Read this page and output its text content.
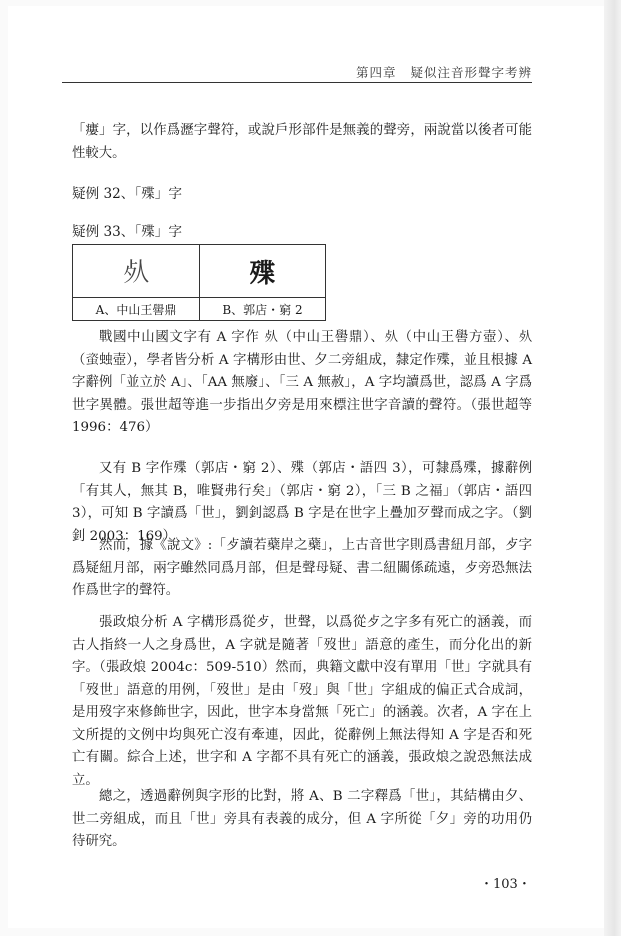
第四章 疑似注音形聲字考辨

「瘻」字，以作爲瀝字聲符，或說戶形部件是無義的聲旁，兩說當以後者可能性較大。

疑例 32、「殜」字
疑例 33、「殜」字
𣦸	殜
A、中山王嚳鼎	B、郭店・窮 2

戰國中山國文字有 A 字作 𣦸（中山王嚳鼎）、𣦸（中山王嚳方壺）、𣦸（𧊒䖵壺），學者皆分析 A 字構形由世、夕二旁組成，隸定作殜，並且根據 A 字辭例「並立於 A」、「AA 無廢」、「三 A 無赦」，A 字均讀爲世，認爲 A 字爲世字異體。張世超等進一步指出夕旁是用來標注世字音讀的聲符。（張世超等 1996：476）

又有 B 字作殜（郭店・窮 2）、殜（郭店・語四 3），可隸爲殜，據辭例「有其人，無其 B，唯賢弗行矣」（郭店・窮 2），「三 B 之福」（郭店・語四 3），可知 B 字讀爲「世」，劉釗認爲 B 字是在世字上疊加歹聲而成之字。（劉釗 2003：169）

然而，據《說文》:「歺讀若蘗岸之蘗」，上古音世字則爲書紐月部，歺字爲疑紐月部，兩字雖然同爲月部，但是聲母疑、書二紐關係疏遠，歺旁恐無法作爲世字的聲符。

張政烺分析 A 字構形爲從歺，世聲，以爲從歺之字多有死亡的涵義，而古人指終一人之身爲世，A 字就是隨著「歿世」語意的產生，而分化出的新字。（張政烺 2004c：509-510）然而，典籍文獻中沒有單用「世」字就具有「歿世」語意的用例，「歿世」是由「歿」與「世」字組成的偏正式合成詞，是用歿字來修飾世字，因此，世字本身當無「死亡」的涵義。次者，A 字在上文所提的文例中均與死亡沒有牽連，因此，從辭例上無法得知 A 字是否和死亡有關。綜合上述，世字和 A 字都不具有死亡的涵義，張政烺之說恐無法成立。

總之，透過辭例與字形的比對，將 A、B 二字釋爲「世」，其結構由夕、世二旁組成，而且「世」旁具有表義的成分，但 A 字所從「夕」旁的功用仍待研究。

・103・
